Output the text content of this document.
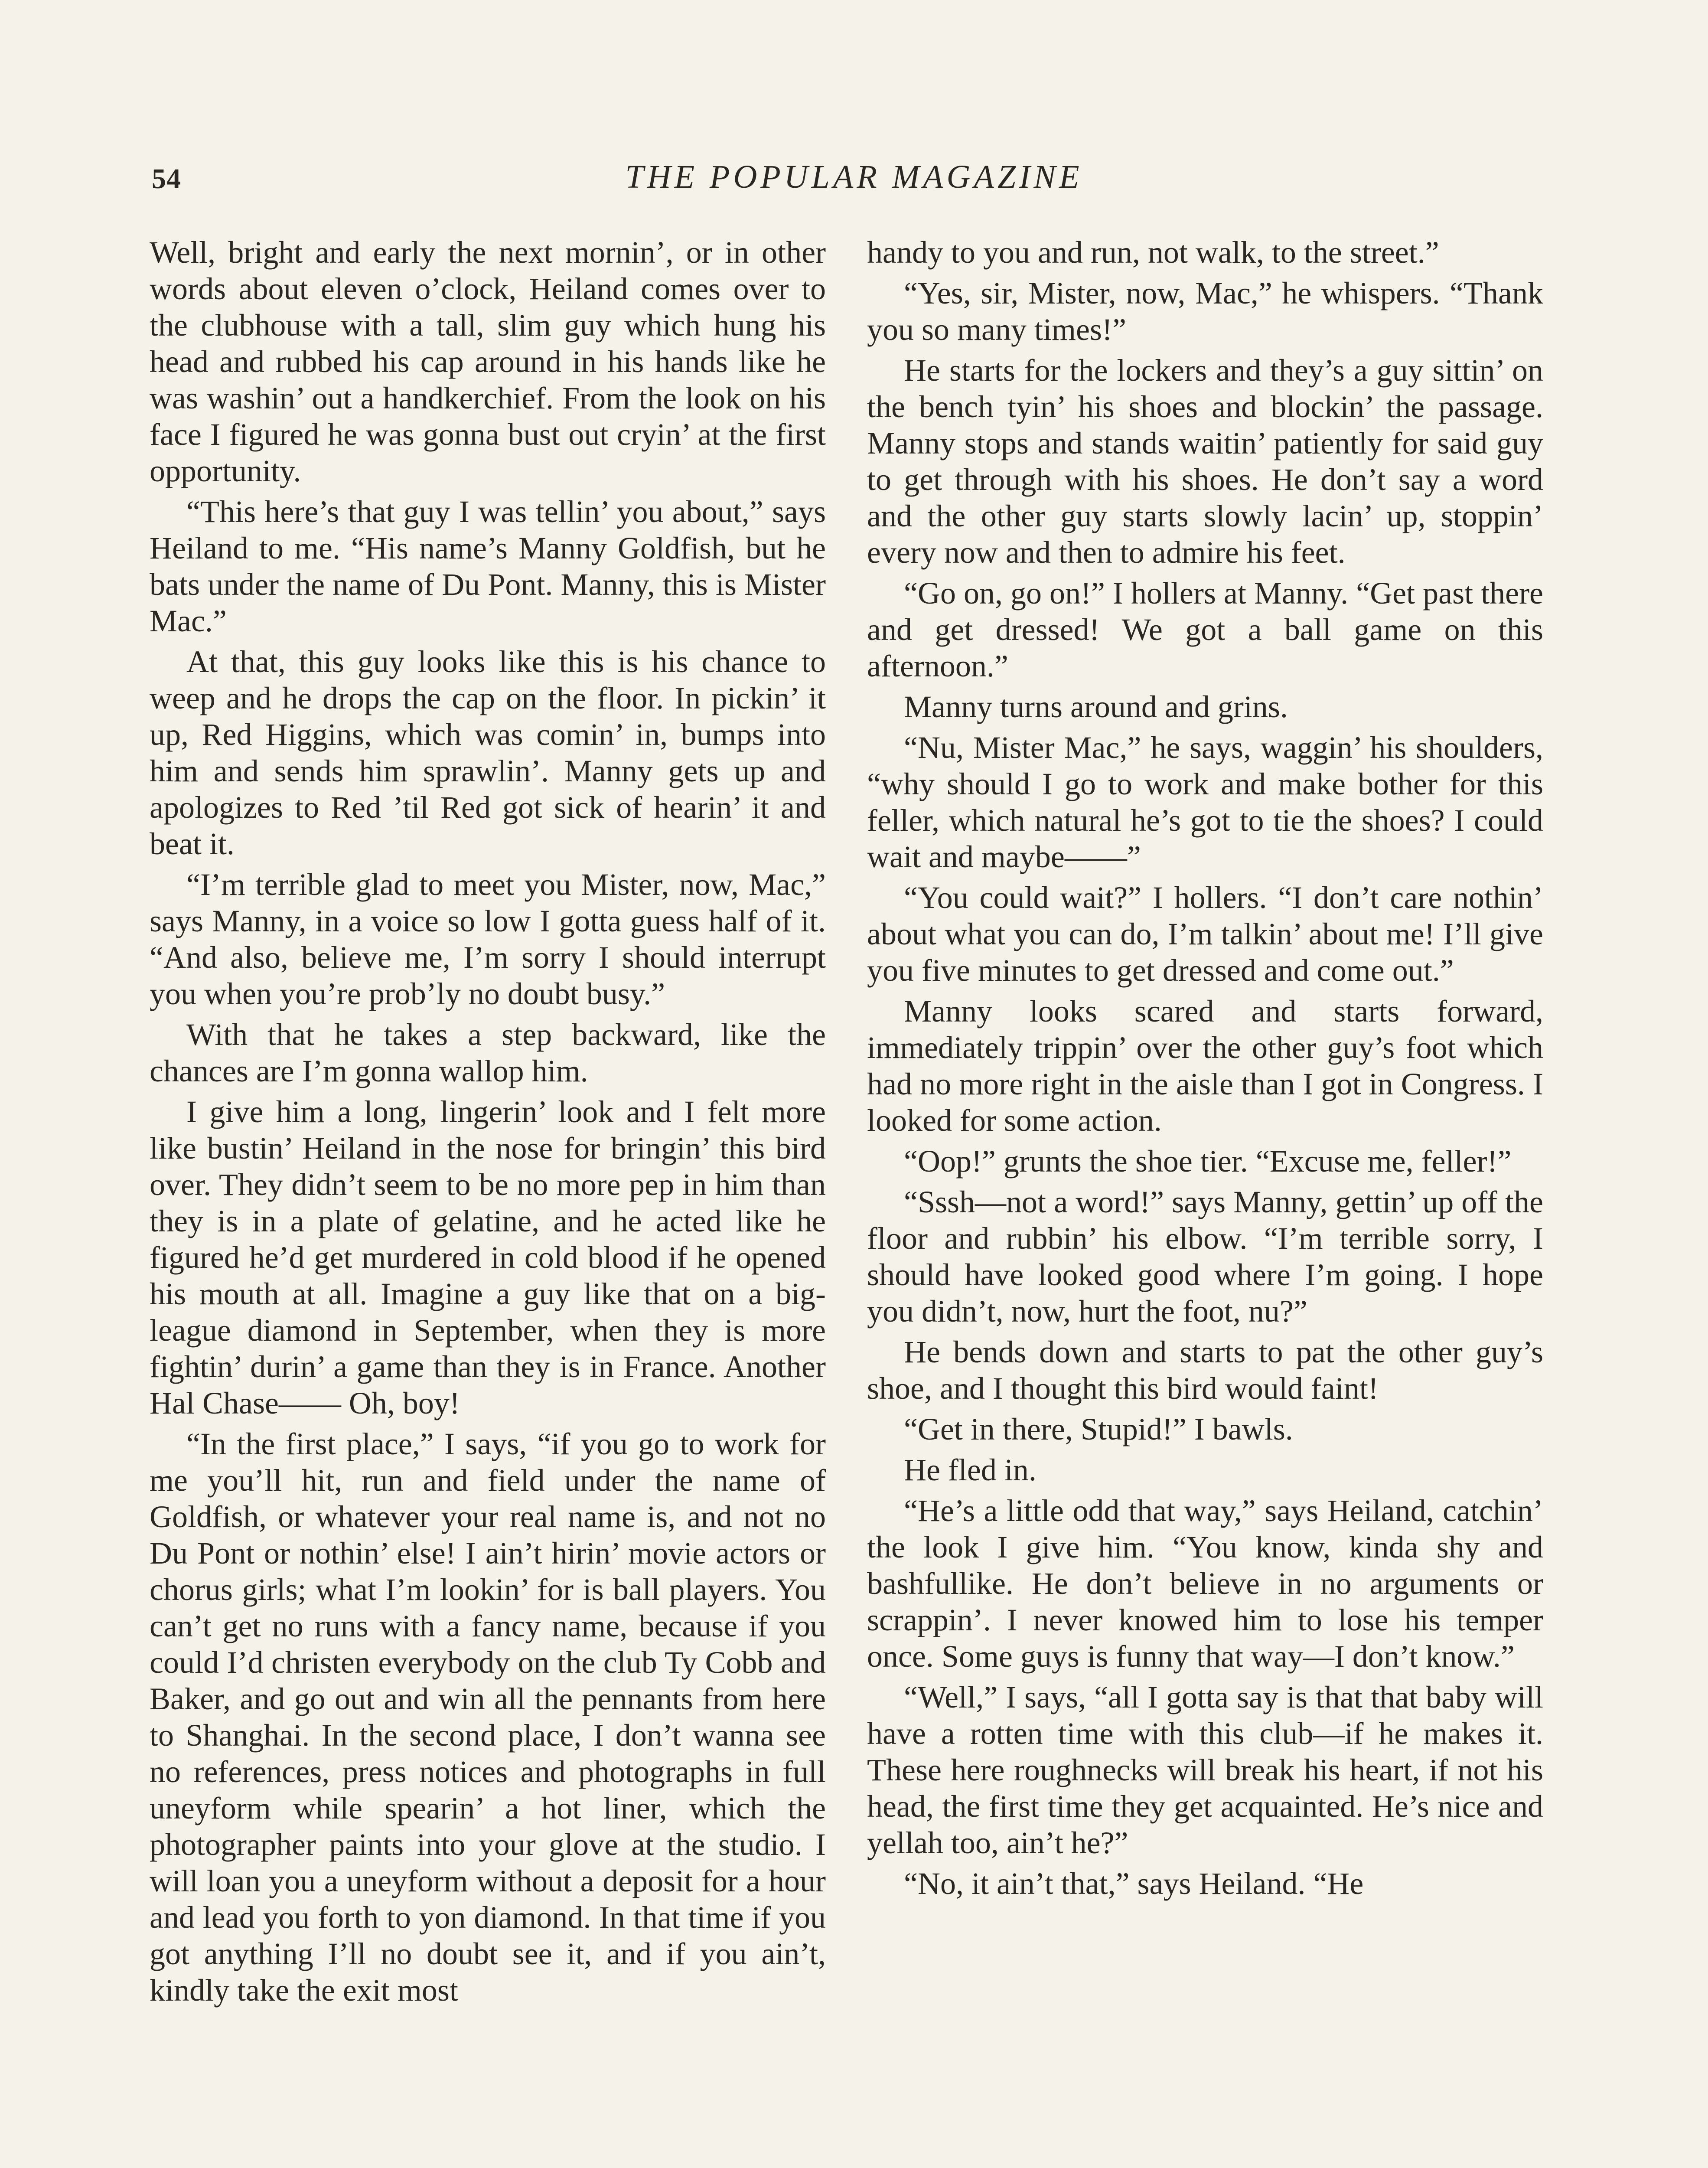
54	THE POPULAR MAGAZINE

Well, bright and early the next mornin’, or in other words about eleven o’clock, Heiland comes over to the clubhouse with a tall, slim guy which hung his head and rubbed his cap around in his hands like he was washin’ out a handkerchief. From the look on his face I figured he was gonna bust out cryin’ at the first opportunity.

“This here’s that guy I was tellin’ you about,” says Heiland to me. “His name’s Manny Goldfish, but he bats under the name of Du Pont. Manny, this is Mister Mac.”

At that, this guy looks like this is his chance to weep and he drops the cap on the floor. In pickin’ it up, Red Higgins, which was comin’ in, bumps into him and sends him sprawlin’. Manny gets up and apologizes to Red ’til Red got sick of hearin’ it and beat it.

“I’m terrible glad to meet you Mister, now, Mac,” says Manny, in a voice so low I gotta guess half of it. “And also, believe me, I’m sorry I should interrupt you when you’re prob’ly no doubt busy.”

With that he takes a step backward, like the chances are I’m gonna wallop him.

I give him a long, lingerin’ look and I felt more like bustin’ Heiland in the nose for bringin’ this bird over. They didn’t seem to be no more pep in him than they is in a plate of gelatine, and he acted like he figured he’d get murdered in cold blood if he opened his mouth at all. Imagine a guy like that on a big-league diamond in September, when they is more fightin’ durin’ a game than they is in France. Another Hal Chase—— Oh, boy!

“In the first place,” I says, “if you go to work for me you’ll hit, run and field under the name of Goldfish, or whatever your real name is, and not no Du Pont or nothin’ else! I ain’t hirin’ movie actors or chorus girls; what I’m lookin’ for is ball players. You can’t get no runs with a fancy name, because if you could I’d christen everybody on the club Ty Cobb and Baker, and go out and win all the pennants from here to Shanghai. In the second place, I don’t wanna see no references, press notices and photographs in full uneyform while spearin’ a hot liner, which the photographer paints into your glove at the studio. I will loan you a uneyform without a deposit for a hour and lead you forth to yon diamond. In that time if you got anything I’ll no doubt see it, and if you ain’t, kindly take the exit most

handy to you and run, not walk, to the street.”

“Yes, sir, Mister, now, Mac,” he whispers. “Thank you so many times!”

He starts for the lockers and they’s a guy sittin’ on the bench tyin’ his shoes and blockin’ the passage. Manny stops and stands waitin’ patiently for said guy to get through with his shoes. He don’t say a word and the other guy starts slowly lacin’ up, stoppin’ every now and then to admire his feet.

“Go on, go on!” I hollers at Manny. “Get past there and get dressed! We got a ball game on this afternoon.”

Manny turns around and grins.

“Nu, Mister Mac,” he says, waggin’ his shoulders, “why should I go to work and make bother for this feller, which natural he’s got to tie the shoes? I could wait and maybe——”

“You could wait?” I hollers. “I don’t care nothin’ about what you can do, I’m talkin’ about me! I’ll give you five minutes to get dressed and come out.”

Manny looks scared and starts forward, immediately trippin’ over the other guy’s foot which had no more right in the aisle than I got in Congress. I looked for some action.

“Oop!” grunts the shoe tier. “Excuse me, feller!”

“Sssh—not a word!” says Manny, gettin’ up off the floor and rubbin’ his elbow. “I’m terrible sorry, I should have looked good where I’m going. I hope you didn’t, now, hurt the foot, nu?”

He bends down and starts to pat the other guy’s shoe, and I thought this bird would faint!

“Get in there, Stupid!” I bawls.

He fled in.

“He’s a little odd that way,” says Heiland, catchin’ the look I give him. “You know, kinda shy and bashfullike. He don’t believe in no arguments or scrappin’. I never knowed him to lose his temper once. Some guys is funny that way—I don’t know.”

“Well,” I says, “all I gotta say is that that baby will have a rotten time with this club—if he makes it. These here roughnecks will break his heart, if not his head, the first time they get acquainted. He’s nice and yellah too, ain’t he?”

“No, it ain’t that,” says Heiland. “He
